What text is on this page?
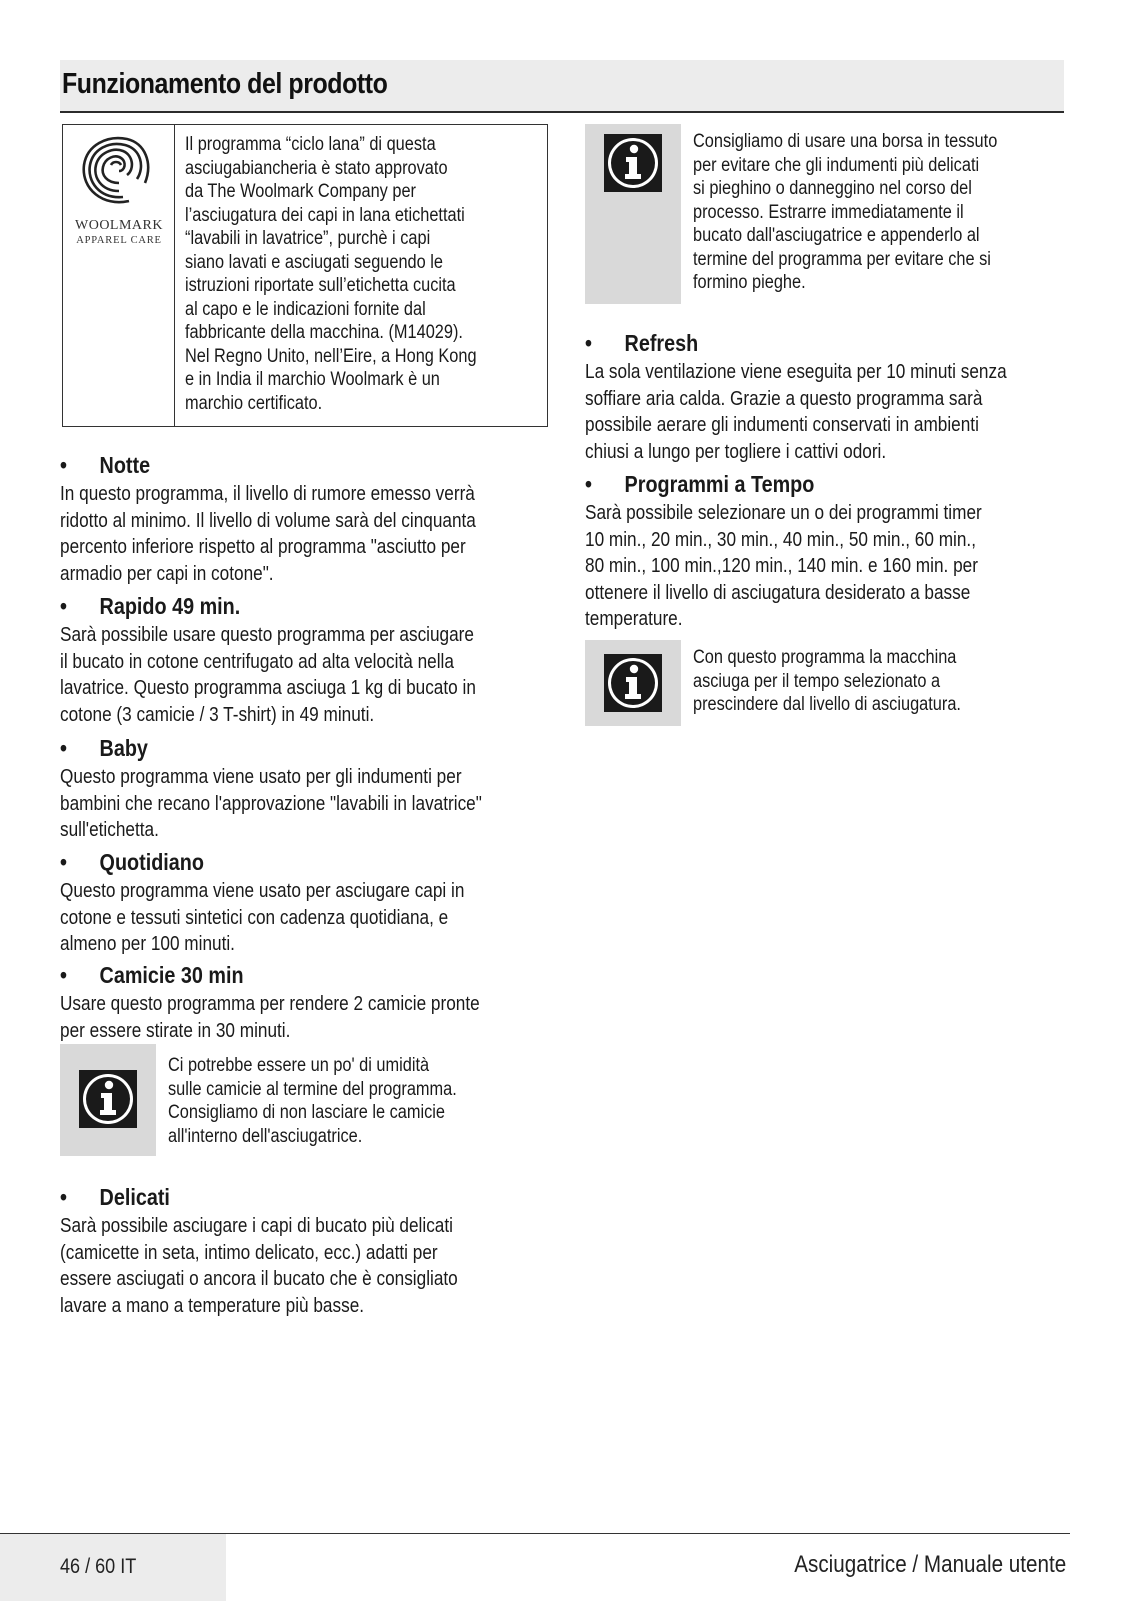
Funzionamento del prodotto
WOOLMARK
APPAREL CARE
Il programma “ciclo lana” di questa
asciugabiancheria è stato approvato
da The Woolmark Company per
l’asciugatura dei capi in lana etichettati
“lavabili in lavatrice”, purchè i capi
siano lavati e asciugati seguendo le
istruzioni riportate sull’etichetta cucita
al capo e le indicazioni fornite dal
fabbricante della macchina. (M14029).
Nel Regno Unito, nell’Eire, a Hong Kong
e in India il marchio Woolmark è un
marchio certificato.
• Notte
In questo programma, il livello di rumore emesso verrà
ridotto al minimo. Il livello di volume sarà del cinquanta
percento inferiore rispetto al programma "asciutto per
armadio per capi in cotone".
• Rapido 49 min.
Sarà possibile usare questo programma per asciugare
il bucato in cotone centrifugato ad alta velocità nella
lavatrice. Questo programma asciuga 1 kg di bucato in
cotone (3 camicie / 3 T-shirt) in 49 minuti.
• Baby
Questo programma viene usato per gli indumenti per
bambini che recano l'approvazione "lavabili in lavatrice"
sull'etichetta.
• Quotidiano
Questo programma viene usato per asciugare capi in
cotone e tessuti sintetici con cadenza quotidiana, e
almeno per 100 minuti.
• Camicie 30 min
Usare questo programma per rendere 2 camicie pronte
per essere stirate in 30 minuti.
Ci potrebbe essere un po' di umidità
sulle camicie al termine del programma.
Consigliamo di non lasciare le camicie
all'interno dell'asciugatrice.
• Delicati
Sarà possibile asciugare i capi di bucato più delicati
(camicette in seta, intimo delicato, ecc.) adatti per
essere asciugati o ancora il bucato che è consigliato
lavare a mano a temperature più basse.
Consigliamo di usare una borsa in tessuto
per evitare che gli indumenti più delicati
si pieghino o danneggino nel corso del
processo. Estrarre immediatamente il
bucato dall'asciugatrice e appenderlo al
termine del programma per evitare che si
formino pieghe.
• Refresh
La sola ventilazione viene eseguita per 10 minuti senza
soffiare aria calda. Grazie a questo programma sarà
possibile aerare gli indumenti conservati in ambienti
chiusi a lungo per togliere i cattivi odori.
• Programmi a Tempo
Sarà possibile selezionare un o dei programmi timer
10 min., 20 min., 30 min., 40 min., 50 min., 60 min.,
80 min., 100 min.,120 min., 140 min. e 160 min. per
ottenere il livello di asciugatura desiderato a basse
temperature.
Con questo programma la macchina
asciuga per il tempo selezionato a
prescindere dal livello di asciugatura.
46 / 60 IT	Asciugatrice / Manuale utente
